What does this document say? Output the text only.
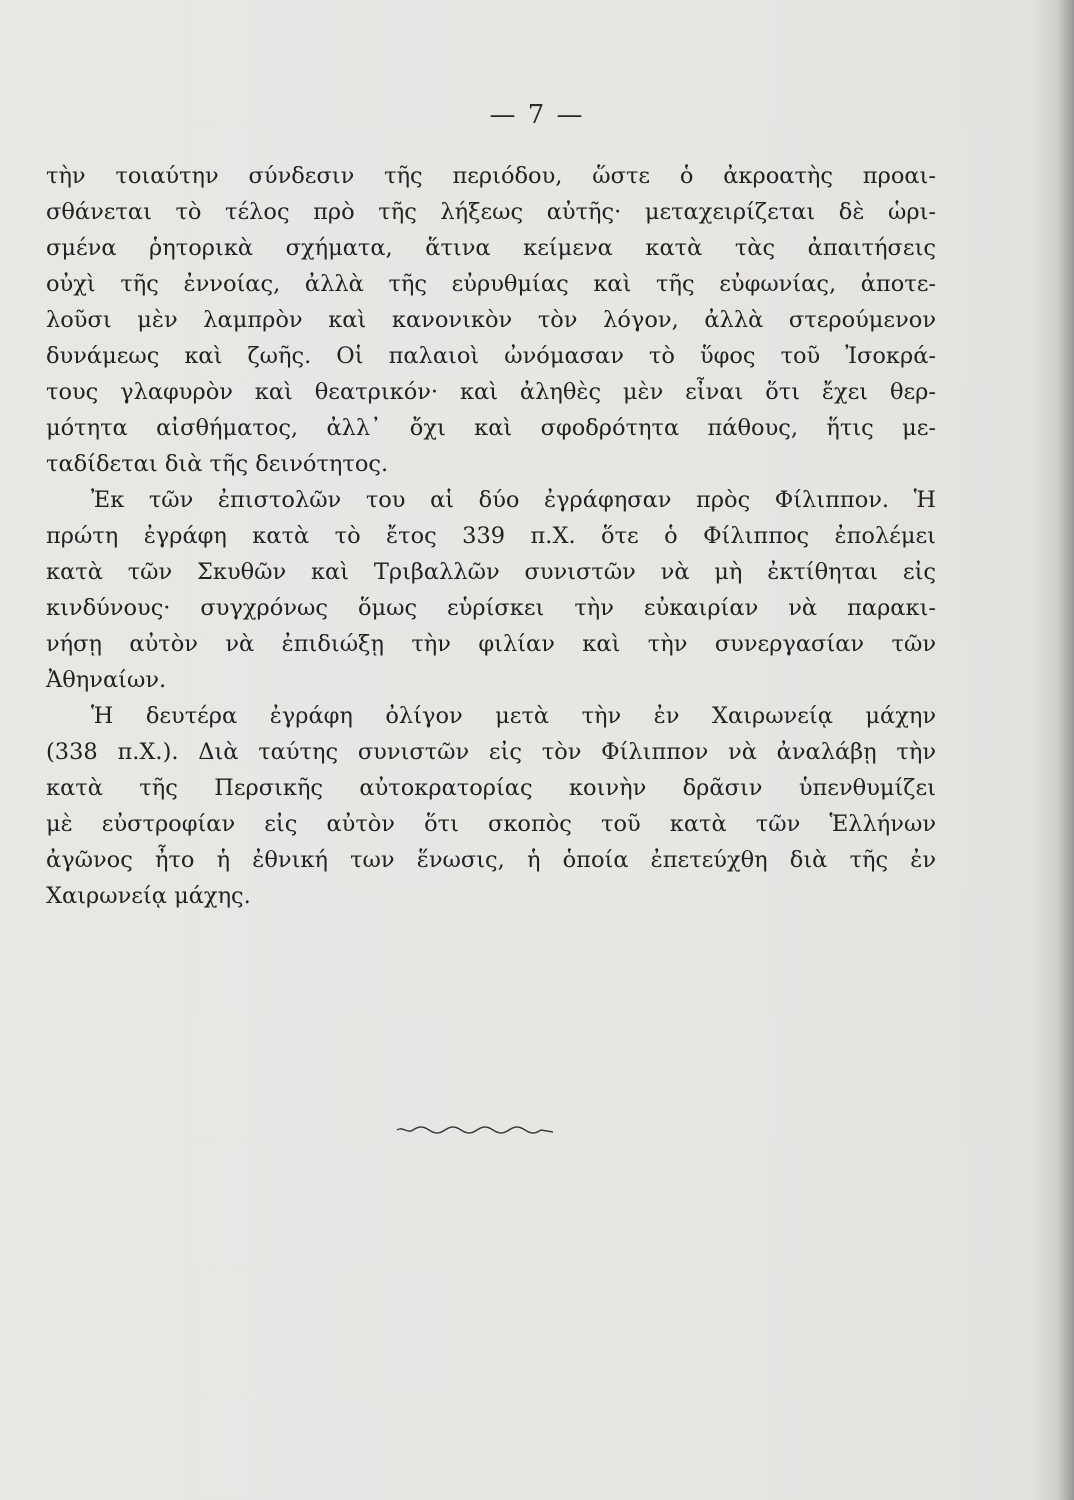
— 7 —
τὴν τοιαύτην σύνδεσιν τῆς περιόδου, ὥστε ὁ ἀκροατὴς προαι-
σθάνεται τὸ τέλος πρὸ τῆς λήξεως αὐτῆς· μεταχειρίζεται δὲ ὡρι-
σμένα ῥητορικὰ σχήματα, ἅτινα κείμενα κατὰ τὰς ἀπαιτήσεις
οὐχὶ τῆς ἐννοίας, ἀλλὰ τῆς εὐρυθμίας καὶ τῆς εὐφωνίας, ἀποτε-
λοῦσι μὲν λαμπρὸν καὶ κανονικὸν τὸν λόγον, ἀλλὰ στερούμενον
δυνάμεως καὶ ζωῆς. Οἱ παλαιοὶ ὠνόμασαν τὸ ὕφος τοῦ Ἰσοκρά-
τους γλαφυρὸν καὶ θεατρικόν· καὶ ἀληθὲς μὲν εἶναι ὅτι ἔχει θερ-
μότητα αἰσθήματος, ἀλλ᾽ ὄχι καὶ σφοδρότητα πάθους, ἥτις με-
ταδίδεται διὰ τῆς δεινότητος.
Ἐκ τῶν ἐπιστολῶν του αἱ δύο ἐγράφησαν πρὸς Φίλιππον. Ἡ
πρώτη ἐγράφη κατὰ τὸ ἔτος 339 π.Χ. ὅτε ὁ Φίλιππος ἐπολέμει
κατὰ τῶν Σκυθῶν καὶ Τριβαλλῶν συνιστῶν νὰ μὴ ἐκτίθηται εἰς
κινδύνους· συγχρόνως ὅμως εὑρίσκει τὴν εὐκαιρίαν νὰ παρακι-
νήσῃ αὐτὸν νὰ ἐπιδιώξῃ τὴν φιλίαν καὶ τὴν συνεργασίαν τῶν
Ἀθηναίων.
Ἡ δευτέρα ἐγράφη ὀλίγον μετὰ τὴν ἐν Χαιρωνείᾳ μάχην
(338 π.Χ.). Διὰ ταύτης συνιστῶν εἰς τὸν Φίλιππον νὰ ἀναλάβῃ τὴν
κατὰ τῆς Περσικῆς αὐτοκρατορίας κοινὴν δρᾶσιν ὑπενθυμίζει
μὲ εὐστροφίαν εἰς αὐτὸν ὅτι σκοπὸς τοῦ κατὰ τῶν Ἑλλήνων
ἀγῶνος ἦτο ἡ ἐθνική των ἕνωσις, ἡ ὁποία ἐπετεύχθη διὰ τῆς ἐν
Χαιρωνείᾳ μάχης.
